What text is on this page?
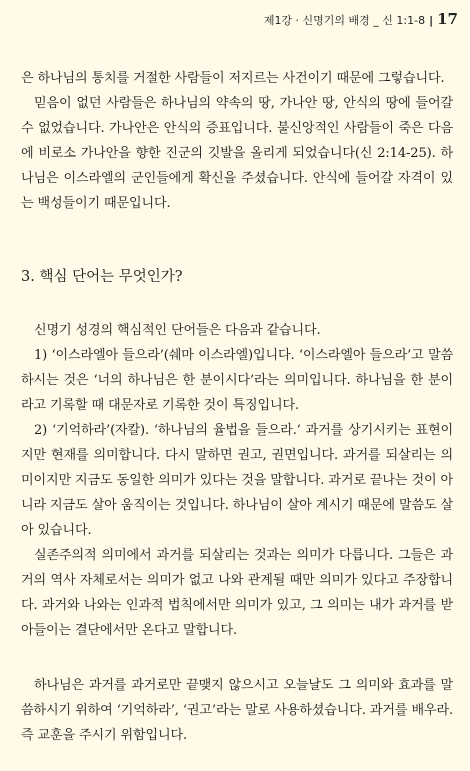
제1강 · 신명기의 배경 _ 신 1:1-8 | 17

은 하나님의 통치를 거절한 사람들이 저지르는 사건이기 때문에 그렇습니다.

믿음이 없던 사람들은 하나님의 약속의 땅, 가나안 땅, 안식의 땅에 들어갈 수 없었습니다. 가나안은 안식의 증표입니다. 불신앙적인 사람들이 죽은 다음에 비로소 가나안을 향한 진군의 깃발을 올리게 되었습니다(신 2:14-25). 하나님은 이스라엘의 군인들에게 확신을 주셨습니다. 안식에 들어갈 자격이 있는 백성들이기 때문입니다.

3. 핵심 단어는 무엇인가?

신명기 성경의 핵심적인 단어들은 다음과 같습니다.

1) ‘이스라엘아 들으라’(쉐마 이스라엘)입니다. ‘이스라엘아 들으라’고 말씀하시는 것은 ‘너의 하나님은 한 분이시다’라는 의미입니다. 하나님을 한 분이라고 기록할 때 대문자로 기록한 것이 특징입니다.

2) ‘기억하라’(자칼). ‘하나님의 율법을 들으라.’ 과거를 상기시키는 표현이지만 현재를 의미합니다. 다시 말하면 권고, 권면입니다. 과거를 되살리는 의미이지만 지금도 동일한 의미가 있다는 것을 말합니다. 과거로 끝나는 것이 아니라 지금도 살아 움직이는 것입니다. 하나님이 살아 계시기 때문에 말씀도 살아 있습니다.

실존주의적 의미에서 과거를 되살리는 것과는 의미가 다릅니다. 그들은 과거의 역사 자체로서는 의미가 없고 나와 관계될 때만 의미가 있다고 주장합니다. 과거와 나와는 인과적 법칙에서만 의미가 있고, 그 의미는 내가 과거를 받아들이는 결단에서만 온다고 말합니다.

하나님은 과거를 과거로만 끝맺지 않으시고 오늘날도 그 의미와 효과를 말씀하시기 위하여 ‘기억하라’, ‘권고’라는 말로 사용하셨습니다. 과거를 배우라. 즉 교훈을 주시기 위함입니다.
